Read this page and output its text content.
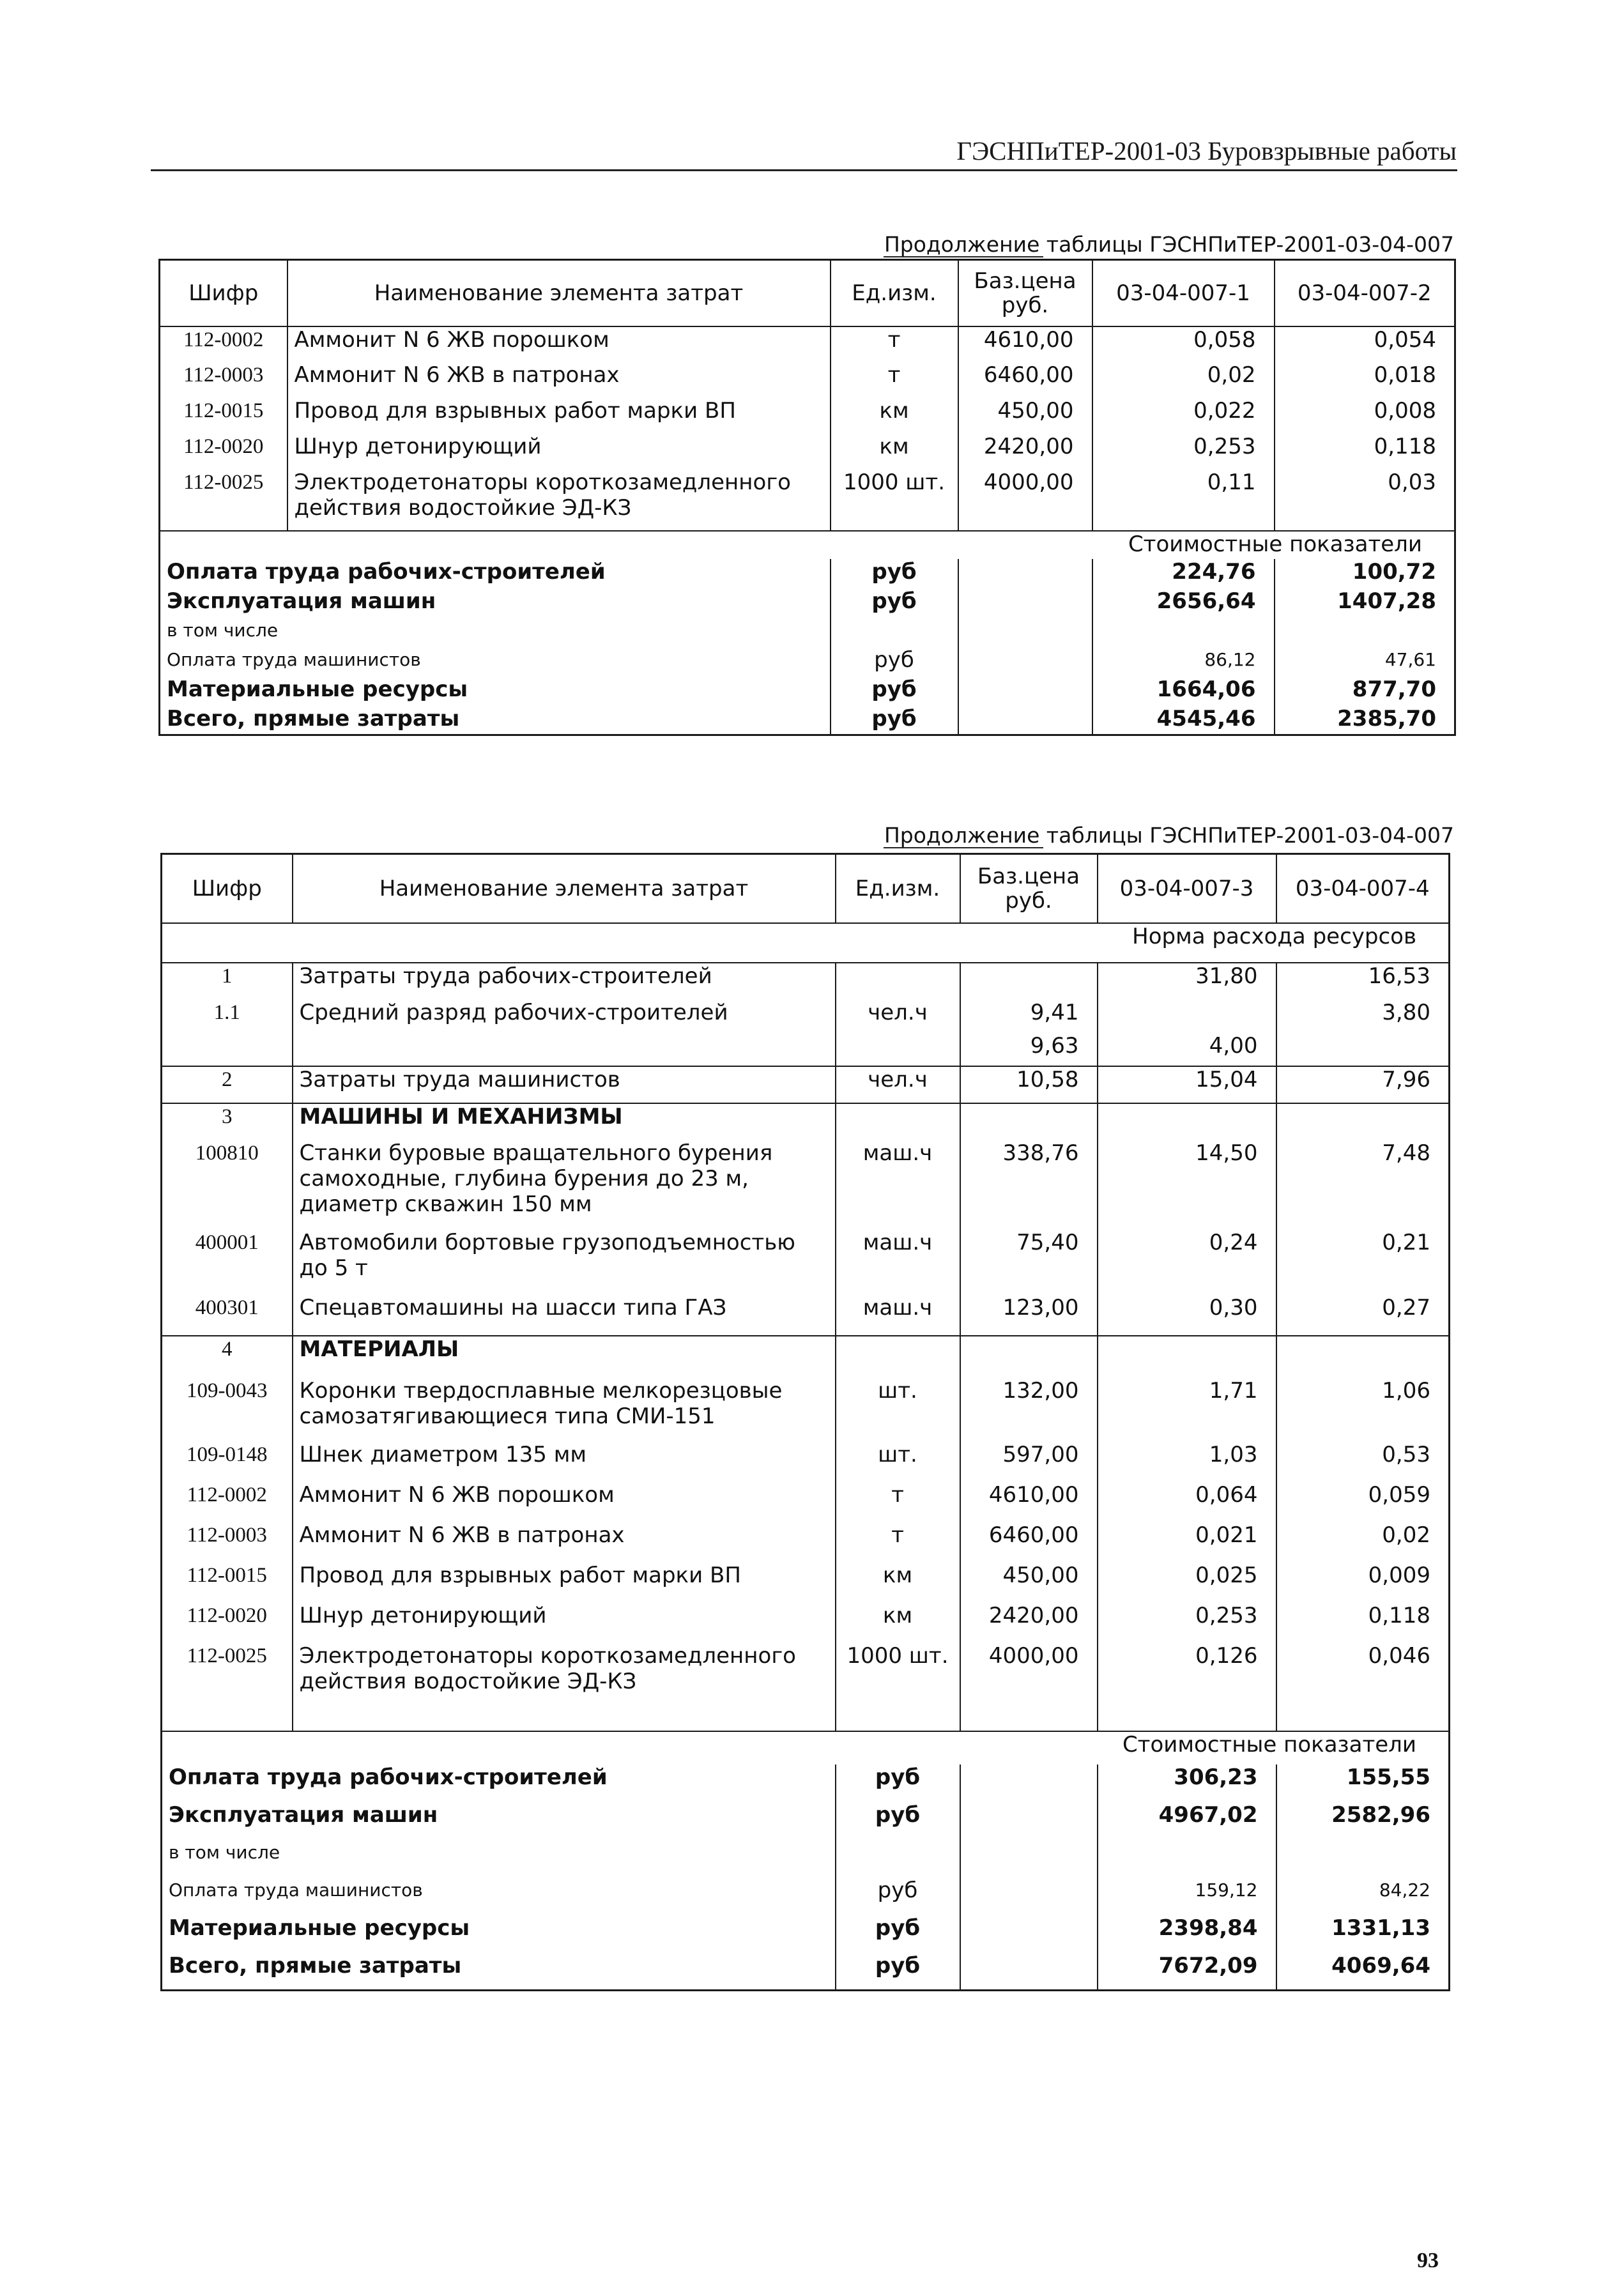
ГЭСНПиТЕР-2001-03 Буровзрывные работы
Продолжение таблицы ГЭСНПиТЕР-2001-03-04-007
Шифр	Наименование элемента затрат	Ед.изм.	Баз.цена руб.	03-04-007-1	03-04-007-2
112-0002	Аммонит N 6 ЖВ порошком	т	4610,00	0,058	0,054
112-0003	Аммонит N 6 ЖВ в патронах	т	6460,00	0,02	0,018
112-0015	Провод для взрывных работ марки ВП	км	450,00	0,022	0,008
112-0020	Шнур детонирующий	км	2420,00	0,253	0,118
112-0025	Электродетонаторы короткозамедленного действия водостойкие ЭД-КЗ	1000 шт.	4000,00	0,11	0,03

Стоимостные показатели					
Оплата труда рабочих-строителей		руб		224,76	100,72
Эксплуатация машин		руб		2656,64	1407,28
в том числе					
Оплата труда машинистов		руб		86,12	47,61
Материальные ресурсы		руб		1664,06	877,70
Всего, прямые затраты		руб		4545,46	2385,70
Продолжение таблицы ГЭСНПиТЕР-2001-03-04-007
Шифр	Наименование элемента затрат	Ед.изм.	Баз.цена руб.	03-04-007-3	03-04-007-4
Норма расхода ресурсов					
1	Затраты труда рабочих-строителей			31,80	16,53
1.1	Средний разряд рабочих-строителей	чел.ч	9,41		3,80
			9,63	4,00	
2	Затраты труда машинистов	чел.ч	10,58	15,04	7,96
3	МАШИНЫ И МЕХАНИЗМЫ				
100810	Станки буровые вращательного бурения самоходные, глубина бурения до 23 м, диаметр скважин 150 мм	маш.ч	338,76	14,50	7,48
400001	Автомобили бортовые грузоподъемностью до 5 т	маш.ч	75,40	0,24	0,21
400301	Спецавтомашины на шасси типа ГАЗ	маш.ч	123,00	0,30	0,27
4	МАТЕРИАЛЫ				
109-0043	Коронки твердосплавные мелкорезцовые самозатягивающиеся типа СМИ-151	шт.	132,00	1,71	1,06
109-0148	Шнек диаметром 135 мм	шт.	597,00	1,03	0,53
112-0002	Аммонит N 6 ЖВ порошком	т	4610,00	0,064	0,059
112-0003	Аммонит N 6 ЖВ в патронах	т	6460,00	0,021	0,02
112-0015	Провод для взрывных работ марки ВП	км	450,00	0,025	0,009
112-0020	Шнур детонирующий	км	2420,00	0,253	0,118
112-0025	Электродетонаторы короткозамедленного действия водостойкие ЭД-КЗ	1000 шт.	4000,00	0,126	0,046

Стоимостные показатели					
Оплата труда рабочих-строителей		руб		306,23	155,55
Эксплуатация машин		руб		4967,02	2582,96
в том числе					
Оплата труда машинистов		руб		159,12	84,22
Материальные ресурсы		руб		2398,84	1331,13
Всего, прямые затраты		руб		7672,09	4069,64
93
